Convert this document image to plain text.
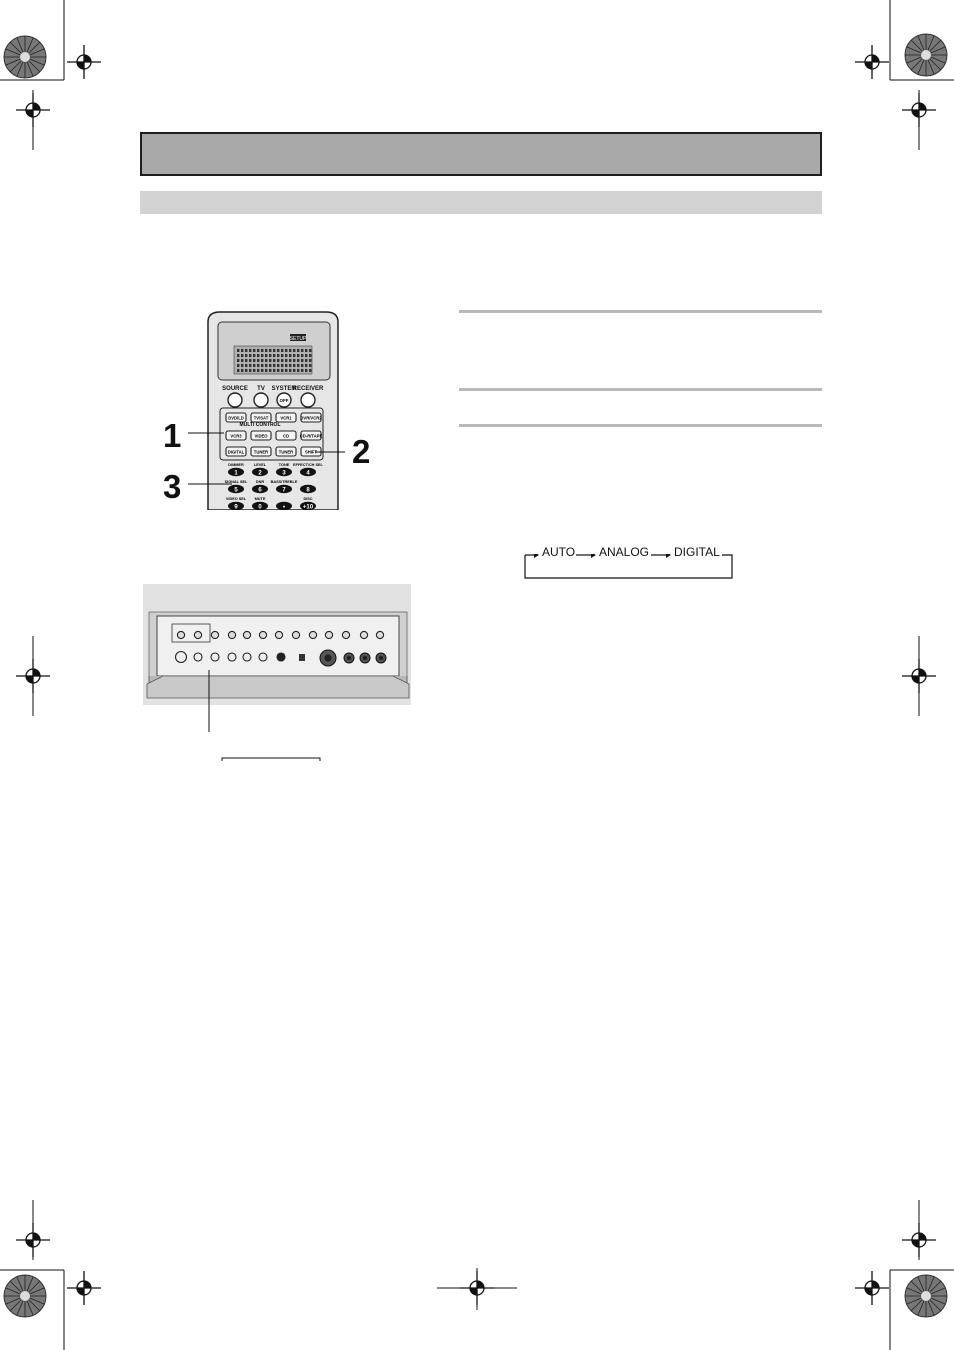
SETUP
SOURCE TV SYSTEM
RECEIVER
OFF
MULTI CONTROL
DVD/LD TV/SAT	VCR1 DVR/VCR2
VCR3	VIDEO	CD	CD-R/TAPE
DIGITAL TUNER	TUNER	SHIFT
DIMMER
1
LEVEL
2
TONE
3
EFFECT/CH SEL
4
SIGNAL SEL
5
DNR
6
BASS/TREBLE
7	8
VIDEO SEL
9
MUTE
0	•
DISC
+10
1	2
3
AUTO ANALOG DIGITAL
